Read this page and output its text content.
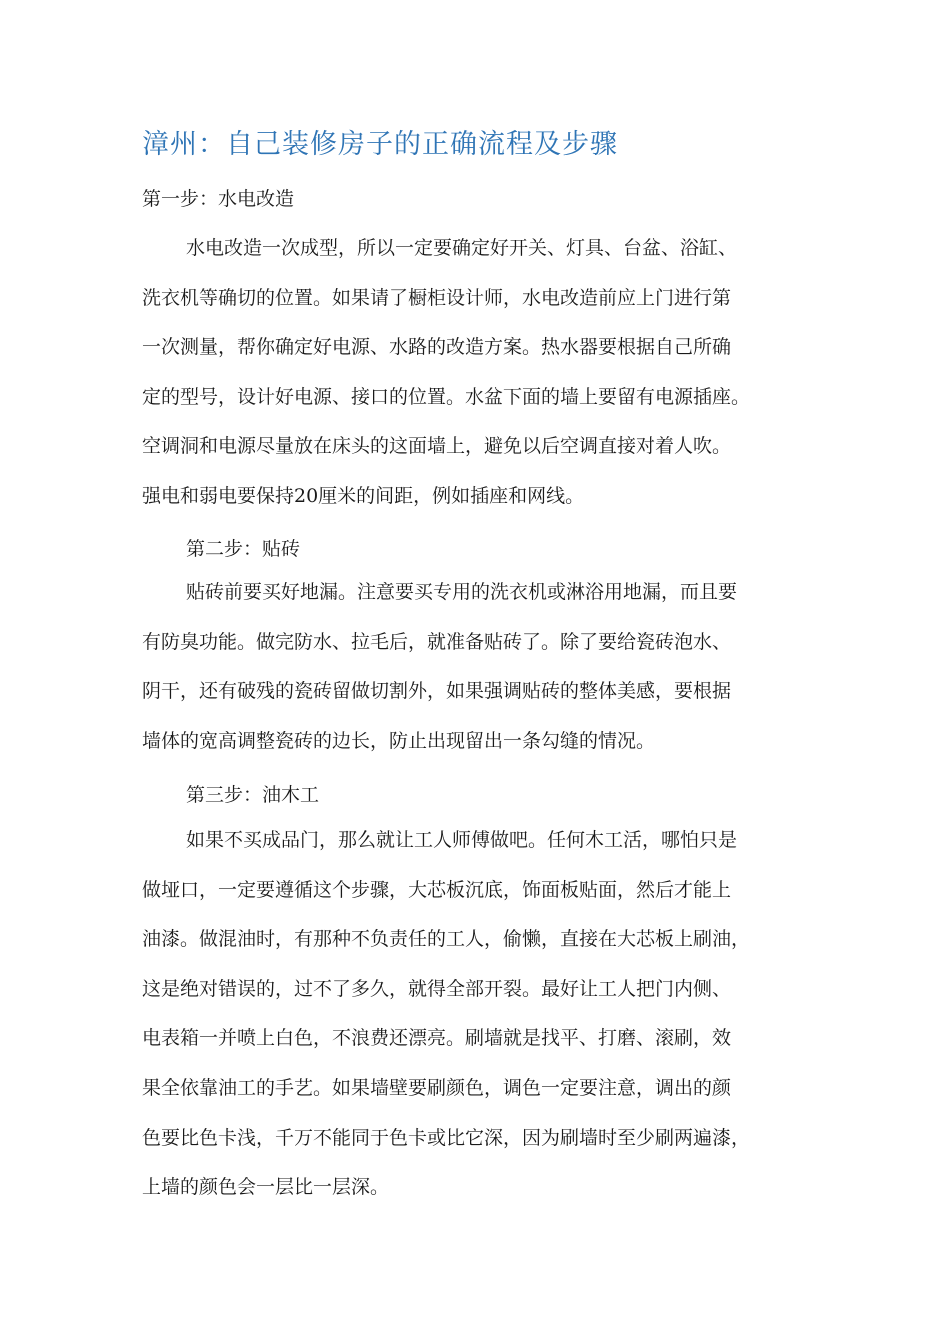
漳州：自己装修房子的正确流程及步骤
第一步：水电改造
水电改造一次成型，所以一定要确定好开关、灯具、台盆、浴缸、
洗衣机等确切的位置。如果请了橱柜设计师，水电改造前应上门进行第
一次测量，帮你确定好电源、水路的改造方案。热水器要根据自己所确
定的型号，设计好电源、接口的位置。水盆下面的墙上要留有电源插座。
空调洞和电源尽量放在床头的这面墙上，避免以后空调直接对着人吹。
强电和弱电要保持20厘米的间距，例如插座和网线。
第二步：贴砖
贴砖前要买好地漏。注意要买专用的洗衣机或淋浴用地漏，而且要
有防臭功能。做完防水、拉毛后，就准备贴砖了。除了要给瓷砖泡水、
阴干，还有破残的瓷砖留做切割外，如果强调贴砖的整体美感，要根据
墙体的宽高调整瓷砖的边长，防止出现留出一条勾缝的情况。
第三步：油木工
如果不买成品门，那么就让工人师傅做吧。任何木工活，哪怕只是
做垭口，一定要遵循这个步骤，大芯板沉底，饰面板贴面，然后才能上
油漆。做混油时，有那种不负责任的工人，偷懒，直接在大芯板上刷油，
这是绝对错误的，过不了多久，就得全部开裂。最好让工人把门内侧、
电表箱一并喷上白色，不浪费还漂亮。刷墙就是找平、打磨、滚刷，效
果全依靠油工的手艺。如果墙壁要刷颜色，调色一定要注意，调出的颜
色要比色卡浅，千万不能同于色卡或比它深，因为刷墙时至少刷两遍漆，
上墙的颜色会一层比一层深。
